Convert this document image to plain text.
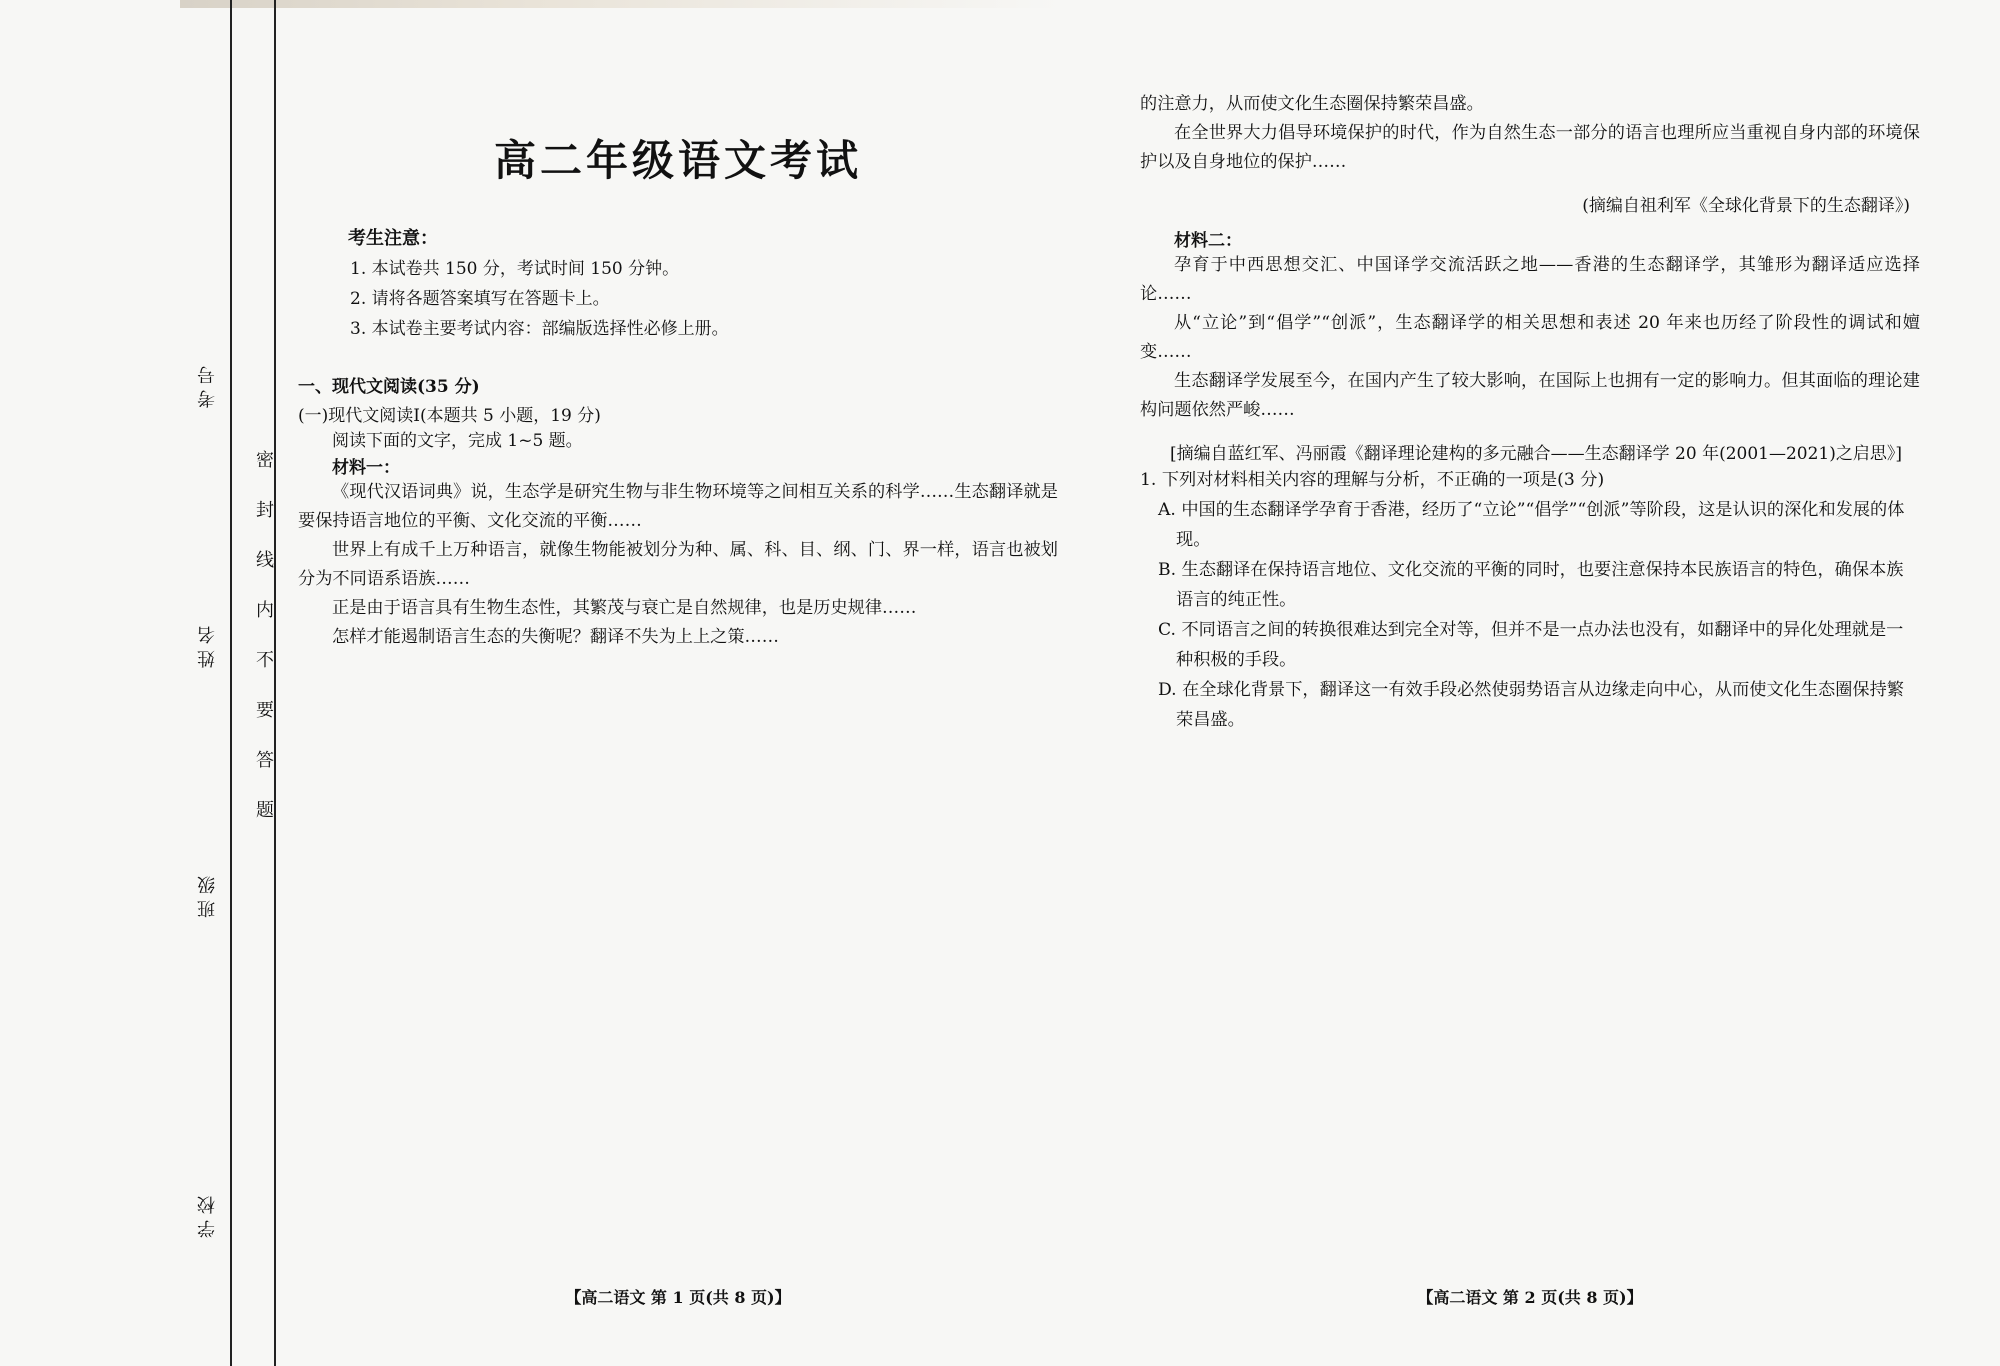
考号
姓名
班级
学校
密封线内不要答题
高二年级语文考试
考生注意：

1. 本试卷共 150 分，考试时间 150 分钟。

2. 请将各题答案填写在答题卡上。

3. 本试卷主要考试内容：部编版选择性必修上册。

一、现代文阅读(35 分)
(一)现代文阅读Ⅰ(本题共 5 小题，19 分)
阅读下面的文字，完成 1~5 题。
材料一：

《现代汉语词典》说，生态学是研究生物与非生物环境等之间相互关系的科学……生态翻译就是要保持语言地位的平衡、文化交流的平衡……

世界上有成千上万种语言，就像生物能被划分为种、属、科、目、纲、门、界一样，语言也被划分为不同语系语族……

正是由于语言具有生物生态性，其繁茂与衰亡是自然规律，也是历史规律……

怎样才能遏制语言生态的失衡呢？翻译不失为上上之策……

【高二语文 第 1 页(共 8 页)】

的注意力，从而使文化生态圈保持繁荣昌盛。

在全世界大力倡导环境保护的时代，作为自然生态一部分的语言也理所应当重视自身内部的环境保护以及自身地位的保护……

(摘编自祖利军《全球化背景下的生态翻译》)
材料二：

孕育于中西思想交汇、中国译学交流活跃之地——香港的生态翻译学，其雏形为翻译适应选择论……

从“立论”到“倡学”“创派”，生态翻译学的相关思想和表述 20 年来也历经了阶段性的调试和嬗变……

生态翻译学发展至今，在国内产生了较大影响，在国际上也拥有一定的影响力。但其面临的理论建构问题依然严峻……

[摘编自蓝红军、冯丽霞《翻译理论建构的多元融合——生态翻译学 20 年(2001—2021)之启思》]
1. 下列对材料相关内容的理解与分析，不正确的一项是(3 分)
A. 中国的生态翻译学孕育于香港，经历了“立论”“倡学”“创派”等阶段，这是认识的深化和发展的体现。
B. 生态翻译在保持语言地位、文化交流的平衡的同时，也要注意保持本民族语言的特色，确保本族语言的纯正性。
C. 不同语言之间的转换很难达到完全对等，但并不是一点办法也没有，如翻译中的异化处理就是一种积极的手段。
D. 在全球化背景下，翻译这一有效手段必然使弱势语言从边缘走向中心，从而使文化生态圈保持繁荣昌盛。
【高二语文 第 2 页(共 8 页)】
